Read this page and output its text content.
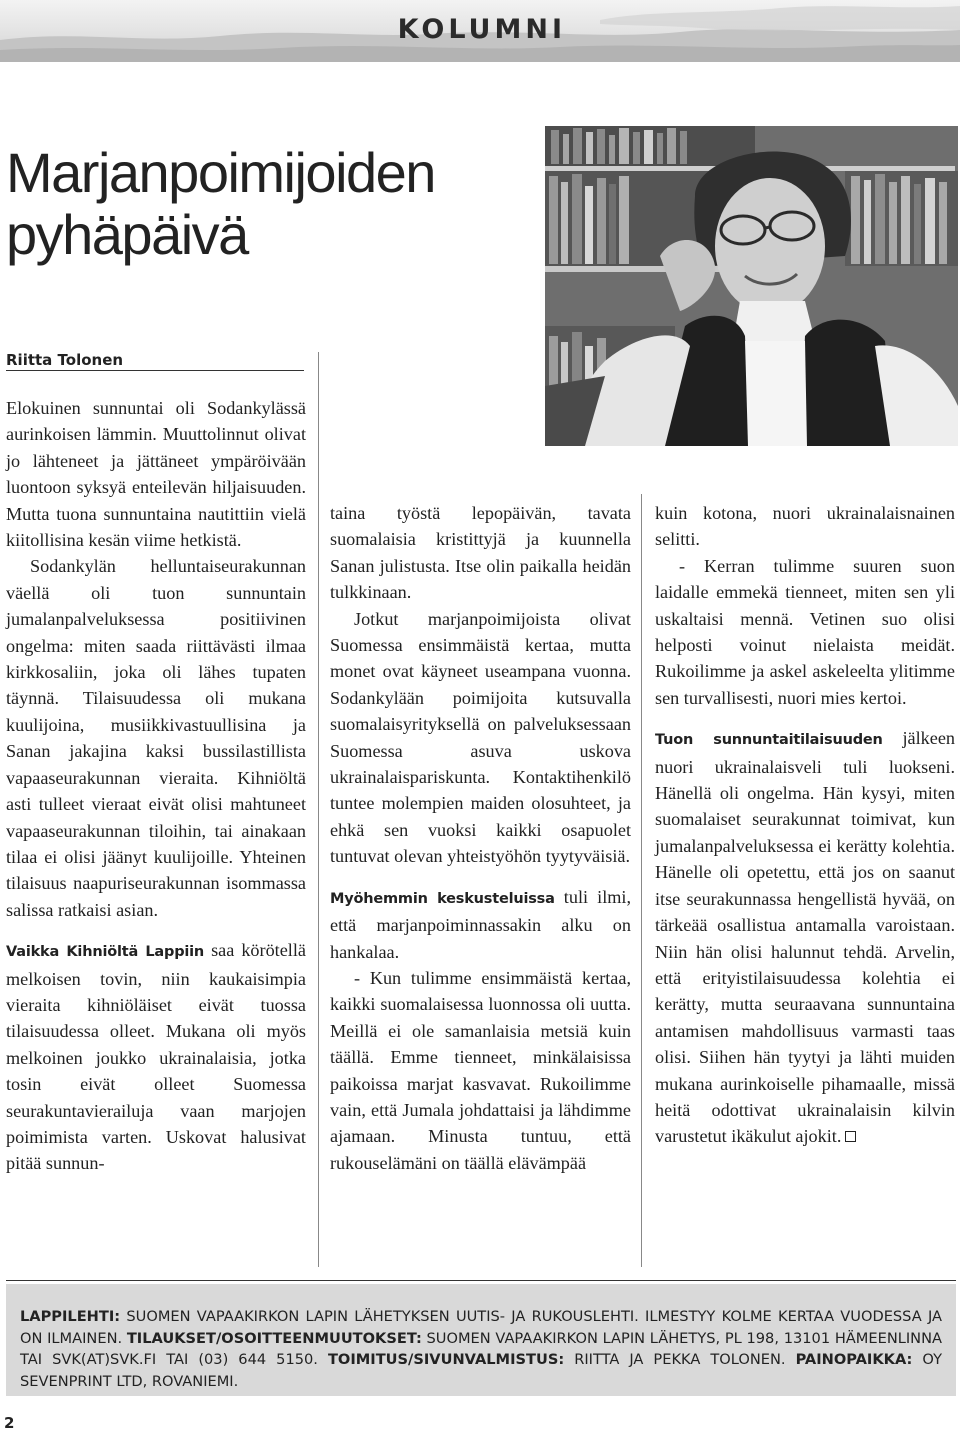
KOLUMNI
Marjanpoimijoiden
pyhäpäivä
Riitta Tolonen

Elokuinen sunnuntai oli Sodankylässä aurinkoisen lämmin. Muuttolinnut olivat jo lähteneet ja jättäneet ympäröivään luontoon syksyä enteilevän hiljaisuuden. Mutta tuona sunnuntaina nautittiin vielä kiitollisina kesän viime hetkistä.

Sodankylän helluntaiseurakunnan väellä oli tuon sunnuntain jumalanpalveluksessa positiivinen ongelma: miten saada riittävästi ilmaa kirkkosaliin, joka oli lähes tupaten täynnä. Tilaisuudessa oli mukana kuulijoina, musiikkivastuullisina ja Sanan jakajina kaksi bussilastillista vapaaseurakunnan vieraita. Kihniöltä asti tulleet vieraat eivät olisi mahtuneet vapaaseurakunnan tiloihin, tai ainakaan tilaa ei olisi jäänyt kuulijoille. Yhteinen tilaisuus naapuriseurakunnan isommassa salissa ratkaisi asian.

Vaikka Kihniöltä Lappiin saa körötellä melkoisen tovin, niin kaukaisimpia vieraita kihniöläiset eivät tuossa tilaisuudessa olleet. Mukana oli myös melkoinen joukko ukrainalaisia, jotka tosin eivät olleet Suomessa seurakuntavierailuja vaan marjojen poimimista varten. Uskovat halusivat pitää sunnun-

taina työstä lepopäivän, tavata suomalaisia kristittyjä ja kuunnella Sanan julistusta. Itse olin paikalla heidän tulkkinaan.

Jotkut marjanpoimijoista olivat Suomessa ensimmäistä kertaa, mutta monet ovat käyneet useampana vuonna. Sodankylään poimijoita kutsuvalla suomalaisyrityksellä on palveluksessaan Suomessa asuva uskova ukrainalaispariskunta. Kontaktihenkilö tuntee molempien maiden olosuhteet, ja ehkä sen vuoksi kaikki osapuolet tuntuvat olevan yhteistyöhön tyytyväisiä.

Myöhemmin keskusteluissa tuli ilmi, että marjanpoiminnassakin alku on hankalaa.

- Kun tulimme ensimmäistä kertaa, kaikki suomalaisessa luonnossa oli uutta. Meillä ei ole samanlaisia metsiä kuin täällä. Emme tienneet, minkälaisissa paikoissa marjat kasvavat. Rukoilimme vain, että Jumala johdattaisi ja lähdimme ajamaan. Minusta tuntuu, että rukouselämäni on täällä elävämpää

kuin kotona, nuori ukrainalaisnainen selitti.

- Kerran tulimme suuren suon laidalle emmekä tienneet, miten sen yli uskaltaisi mennä. Vetinen suo olisi helposti voinut nielaista meidät. Rukoilimme ja askel askeleelta ylitimme sen turvallisesti, nuori mies kertoi.

Tuon sunnuntaitilaisuuden jälkeen nuori ukrainalaisveli tuli luokseni. Hänellä oli ongelma. Hän kysyi, miten suomalaiset seurakunnat toimivat, kun jumalanpalveluksessa ei kerätty kolehtia. Hänelle oli opetettu, että jos on saanut itse seurakunnassa hengellistä hyvää, on tärkeää osallistua antamalla varoistaan. Niin hän olisi halunnut tehdä. Arvelin, että erityistilaisuudessa kolehtia ei kerätty, mutta seuraavana sunnuntaina antamisen mahdollisuus varmasti taas olisi. Siihen hän tyytyi ja lähti muiden mukana aurinkoiselle pihamaalle, missä heitä odottivat ukrainalaisin kilvin varustetut ikäkulut ajokit.

LAPPILEHTI: SUOMEN VAPAAKIRKON LAPIN LÄHETYKSEN UUTIS- JA RUKOUSLEHTI. ILMESTYY KOLME KERTAA VUODESSA JA ON ILMAINEN. TILAUKSET/OSOITTEENMUUTOKSET: SUOMEN VAPAAKIRKON LAPIN LÄHETYS, PL 198, 13101 HÄMEENLINNA TAI SVK(AT)SVK.FI TAI (03) 644 5150. TOIMITUS/SIVUNVALMISTUS: RIITTA JA PEKKA TOLONEN. PAINOPAIKKA: OY SEVENPRINT LTD, ROVANIEMI.
2
